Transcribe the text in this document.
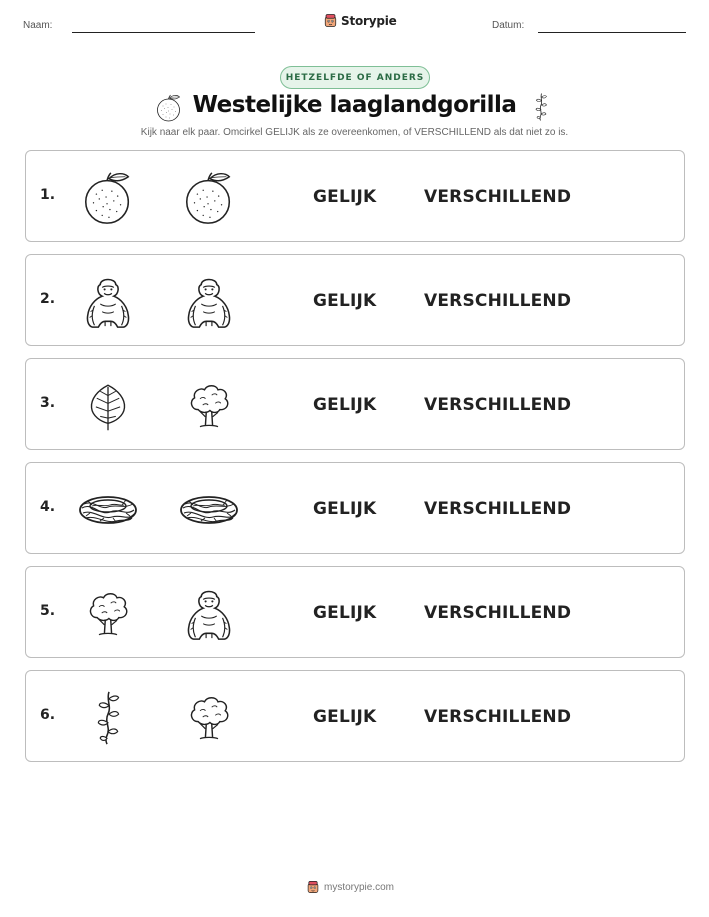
Naam:	Storypie	Datum:
HETZELFDE OF ANDERS
Westelijke laaglandgorilla
Kijk naar elk paar. Omcirkel GELIJK als ze overeenkomen, of VERSCHILLEND als dat niet zo is.
1.	GELIJK	VERSCHILLEND
2.	GELIJK	VERSCHILLEND
3.	GELIJK	VERSCHILLEND
4.	GELIJK	VERSCHILLEND
5.	GELIJK	VERSCHILLEND
6.	GELIJK	VERSCHILLEND
mystorypie.com
